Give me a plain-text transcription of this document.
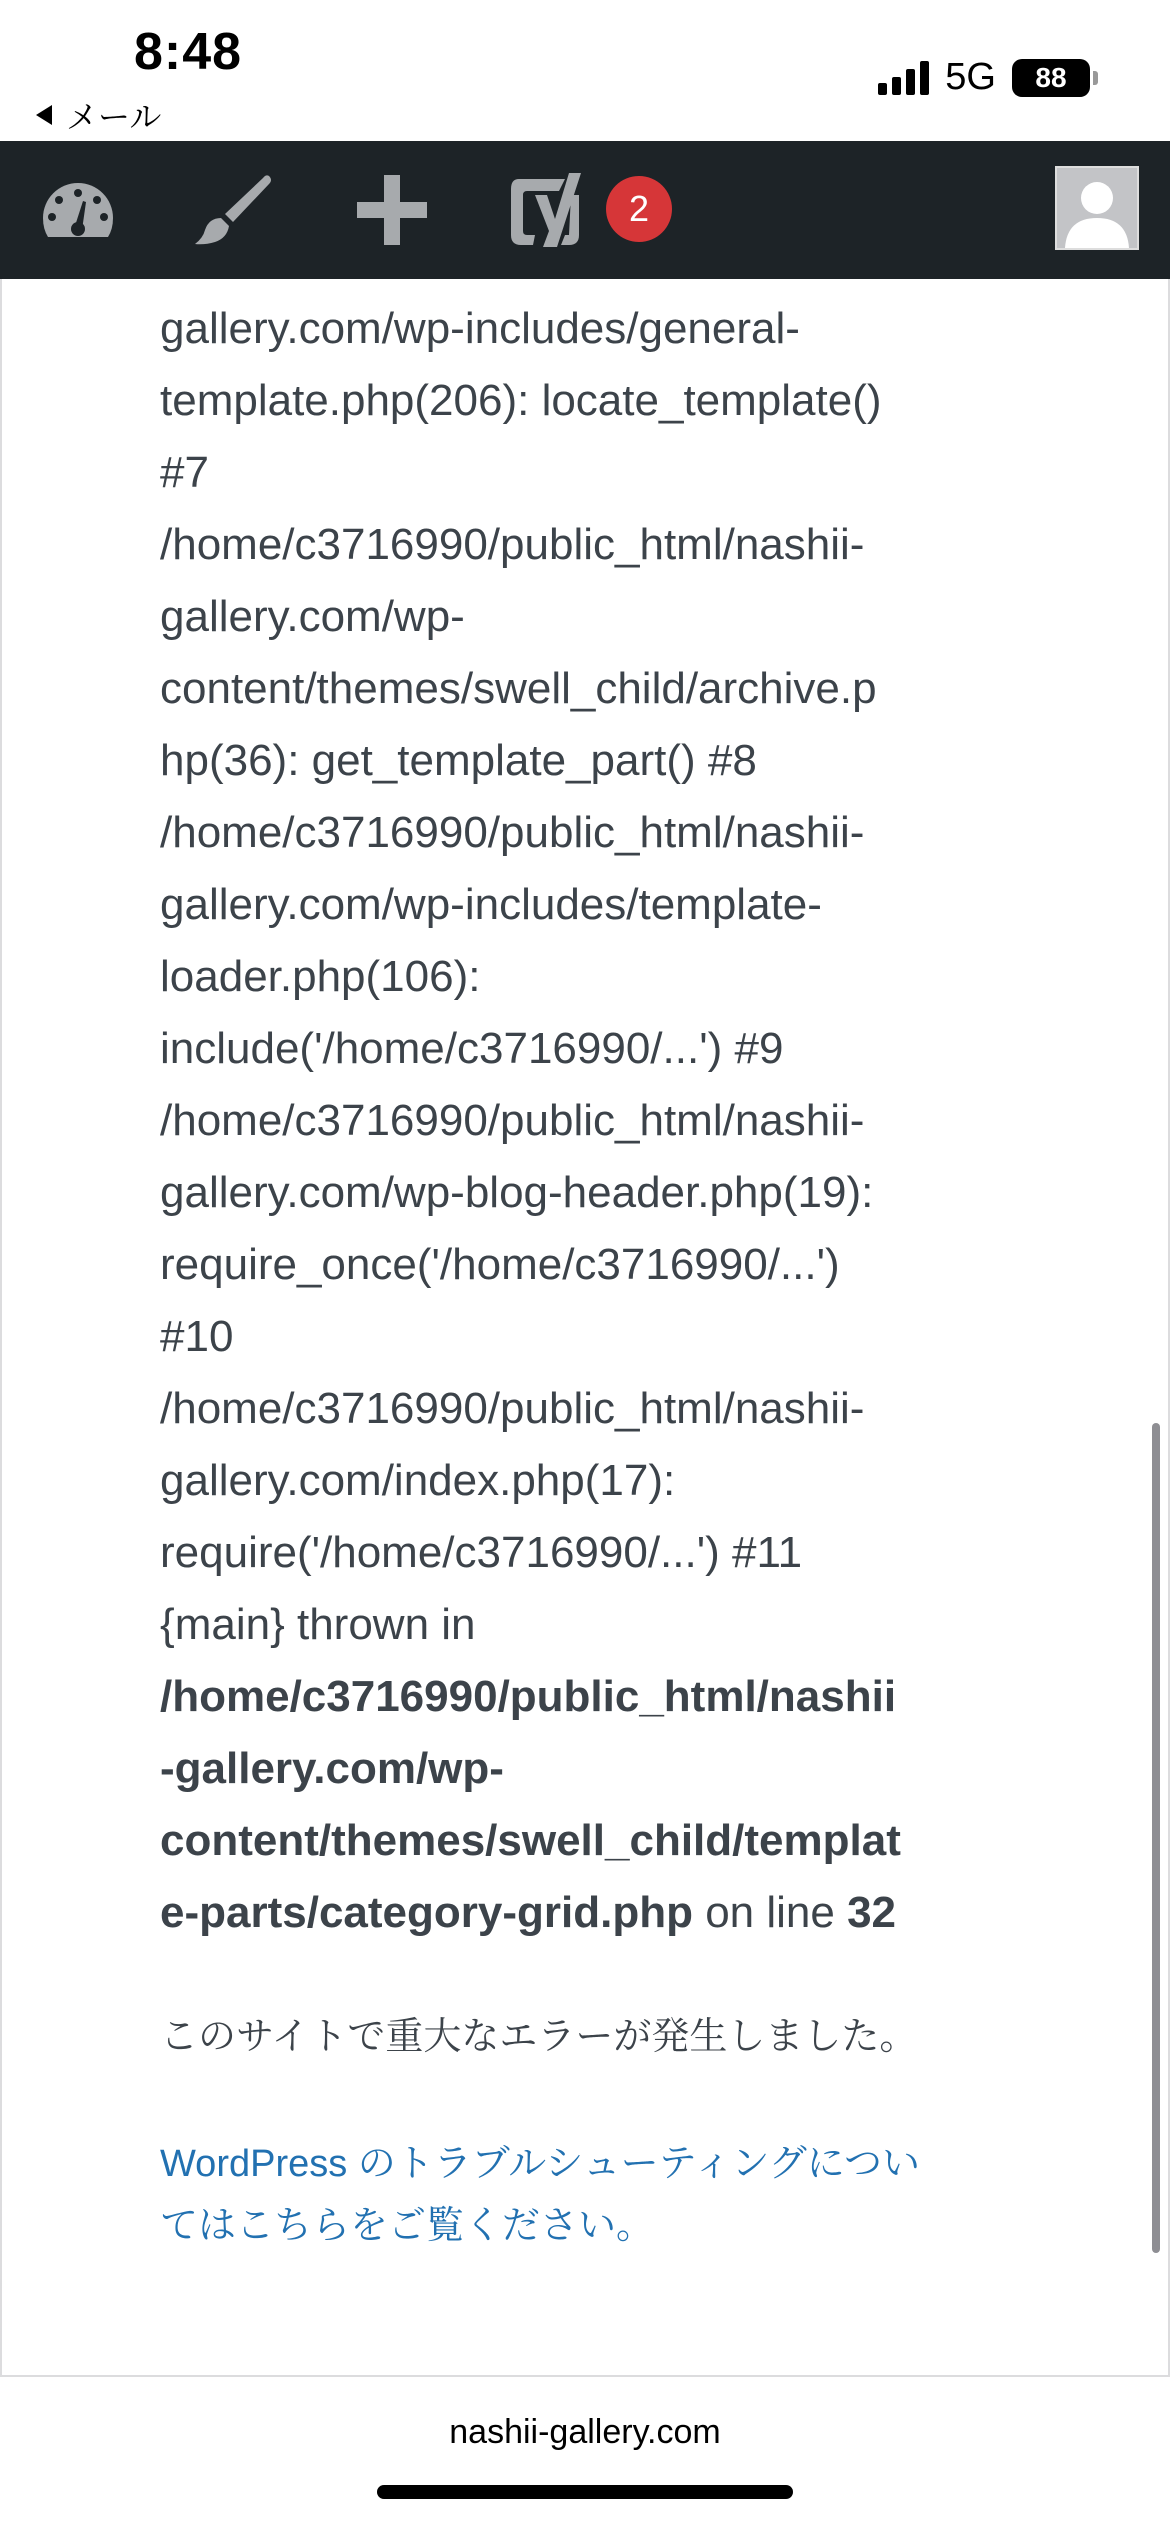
8:48
メール
5G 88
2
gallery.com/wp-includes/general-
template.php(206): locate_template()
#7
/home/c3716990/public_html/nashii-
gallery.com/wp-
content/themes/swell_child/archive.p
hp(36): get_template_part() #8
/home/c3716990/public_html/nashii-
gallery.com/wp-includes/template-
loader.php(106):
include('/home/c3716990/...') #9
/home/c3716990/public_html/nashii-
gallery.com/wp-blog-header.php(19):
require_once('/home/c3716990/...')
#10
/home/c3716990/public_html/nashii-
gallery.com/index.php(17):
require('/home/c3716990/...') #11
{main} thrown in
/home/c3716990/public_html/nashii
-gallery.com/wp-
content/themes/swell_child/templat
e-parts/category-grid.php on line 32
このサイトで重大なエラーが発生しました。
WordPress のトラブルシューティングについ
てはこちらをご覧ください。
nashii-gallery.com
